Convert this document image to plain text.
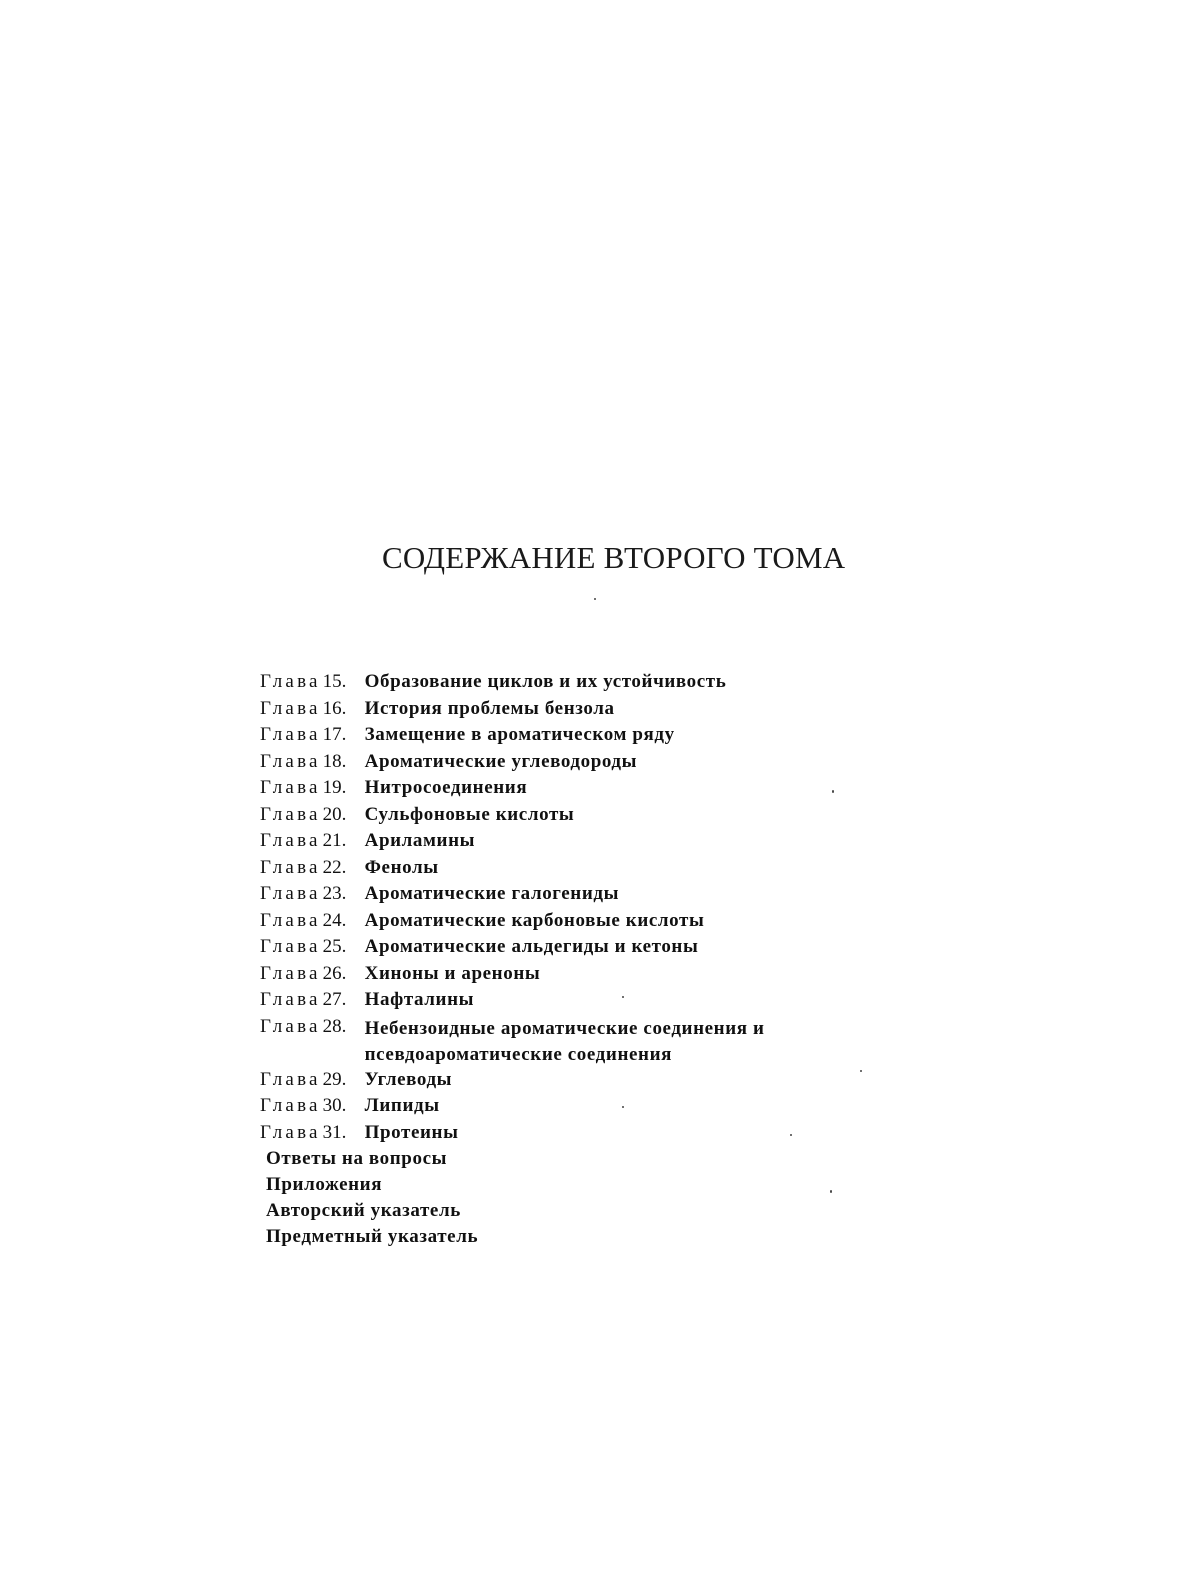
СОДЕРЖАНИЕ ВТОРОГО ТОМА
Глава 15. Образование циклов и их устойчивость
Глава 16. История проблемы бензола
Глава 17. Замещение в ароматическом ряду
Глава 18. Ароматические углеводороды
Глава 19. Нитросоединения
Глава 20. Сульфоновые кислоты
Глава 21. Ариламины
Глава 22. Фенолы
Глава 23. Ароматические галогениды
Глава 24. Ароматические карбоновые кислоты
Глава 25. Ароматические альдегиды и кетоны
Глава 26. Хиноны и ареноны
Глава 27. Нафталины
Глава 28. Небензоидные ароматические соединения и псевдоароматические соединения
Глава 29. Углеводы
Глава 30. Липиды
Глава 31. Протеины
Ответы на вопросы
Приложения
Авторский указатель
Предметный указатель
